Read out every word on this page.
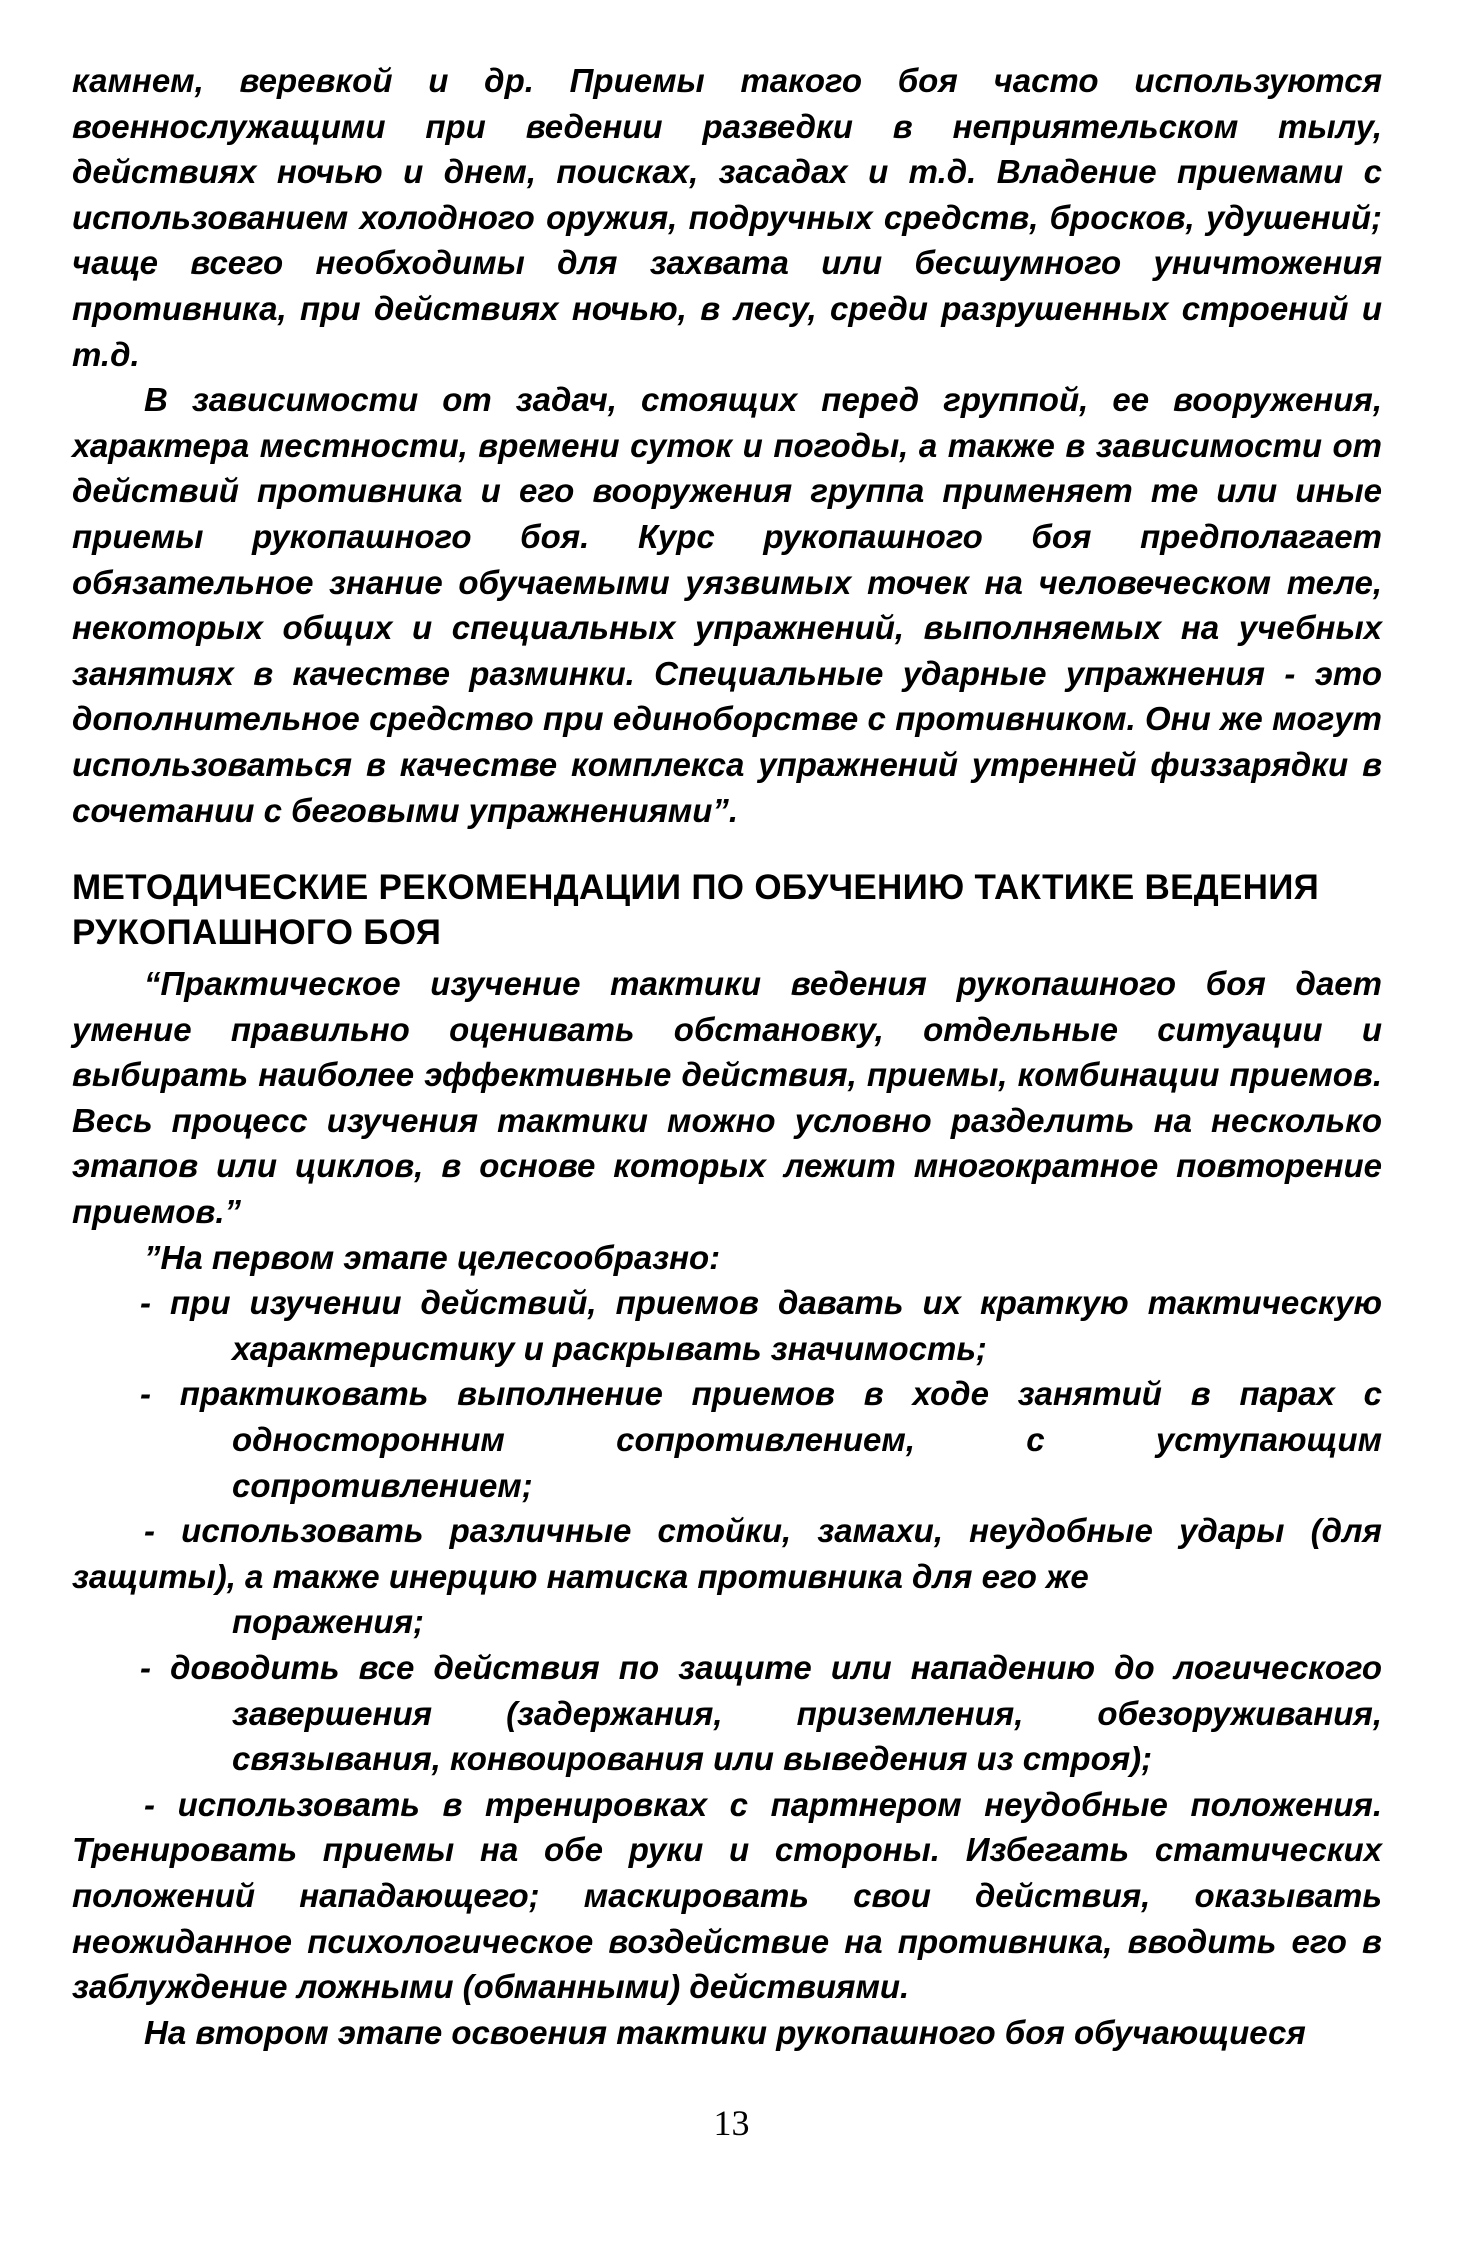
камнем, веревкой и др. Приемы такого боя часто используются военнослужащими при ведении разведки в неприятельском тылу, действиях ночью и днем, поисках, засадах и т.д. Владение приемами с использованием холодного оружия, подручных средств, бросков, удушений; чаще всего необходимы для захвата или бесшумного уничтожения противника, при действиях ночью, в лесу, среди разрушенных строений и т.д.

В зависимости от задач, стоящих перед группой, ее вооружения, характера местности, времени суток и погоды, а также в зависимости от действий противника и его вооружения группа применяет те или иные приемы рукопашного боя. Курс рукопашного боя предполагает обязательное знание обучаемыми уязвимых точек на человеческом теле, некоторых общих и специальных упражнений, выполняемых на учебных занятиях в качестве разминки. Специальные ударные упражнения - это дополнительное средство при единоборстве с противником. Они же могут использоваться в качестве комплекса упражнений утренней физзарядки в сочетании с беговыми упражнениями”.

МЕТОДИЧЕСКИЕ РЕКОМЕНДАЦИИ ПО ОБУЧЕНИЮ ТАКТИКЕ ВЕДЕНИЯ РУКОПАШНОГО БОЯ

“Практическое изучение тактики ведения рукопашного боя дает умение правильно оценивать обстановку, отдельные ситуации и выбирать наиболее эффективные действия, приемы, комбинации приемов. Весь процесс изучения тактики можно условно разделить на несколько этапов или циклов, в основе которых лежит многократное повторение приемов.”

”На первом этапе целесообразно:

- при изучении действий, приемов давать их краткую тактическую характеристику и раскрывать значимость;

- практиковать выполнение приемов в ходе занятий в парах с односторонним сопротивлением, с уступающим сопротивлением;

- использовать различные стойки, замахи, неудобные удары (для защиты), а также инерцию натиска противника для его же
поражения;

- доводить все действия по защите или нападению до логического завершения (задержания, приземления, обезоруживания, связывания, конвоирования или выведения из строя);

- использовать в тренировках с партнером неудобные положения. Тренировать приемы на обе руки и стороны. Избегать статических положений нападающего; маскировать свои действия, оказывать неожиданное психологическое воздействие на противника, вводить его в заблуждение ложными (обманными) действиями.

На втором этапе освоения тактики рукопашного боя обучающиеся

13
